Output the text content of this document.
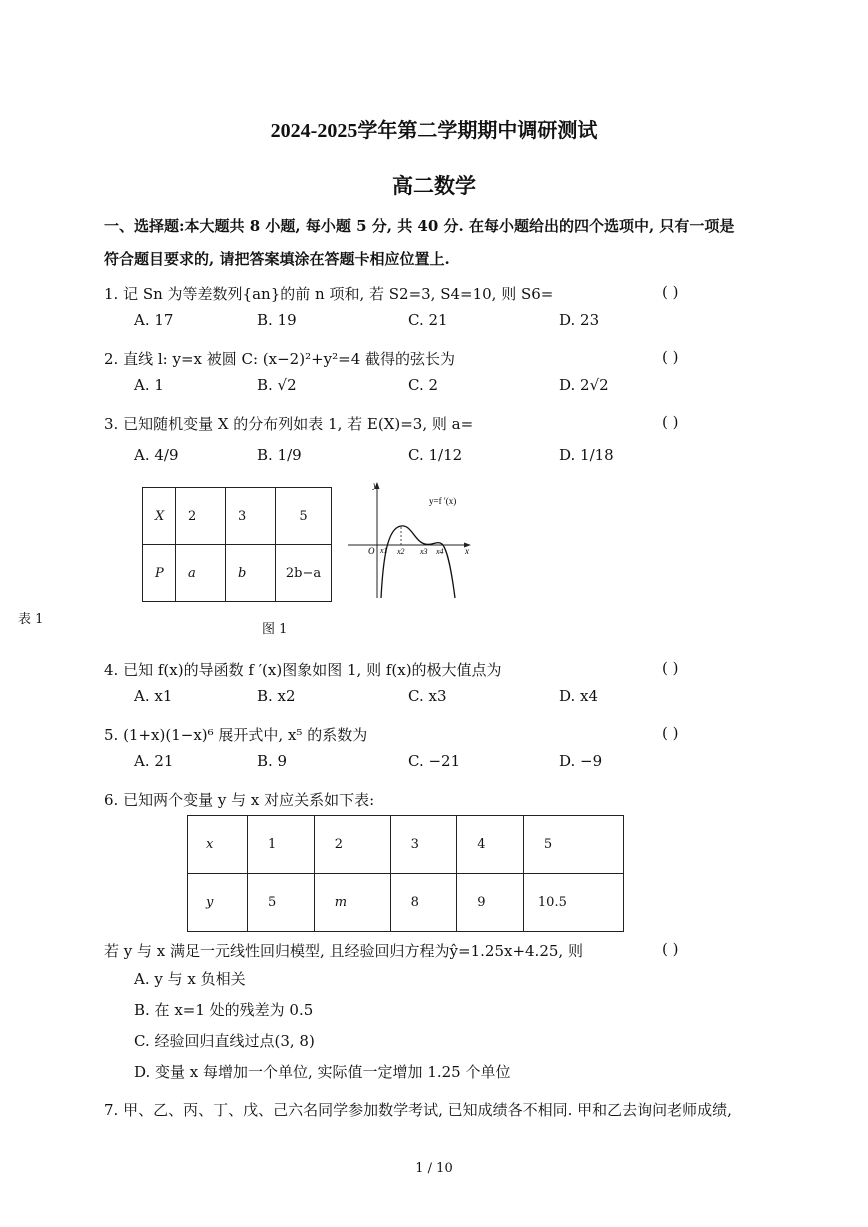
2024-2025学年第二学期期中调研测试
高二数学
一、选择题:本大题共 8 小题, 每小题 5 分, 共 40 分. 在每小题给出的四个选项中, 只有一项是
符合题目要求的, 请把答案填涂在答题卡相应位置上.
1. 记 Sn 为等差数列{an}的前 n 项和, 若 S2=3, S4=10, 则 S6=	( )
A. 17	B. 19	C. 21	D. 23
2. 直线 l: y=x 被圆 C: (x−2)²+y²=4 截得的弦长为	( )
A. 1	B. √2	C. 2	D. 2√2
3. 已知随机变量 X 的分布列如表 1, 若 E(X)=3, 则 a=	( )
A. 4/9	B. 1/9	C. 1/12	D. 1/18
X	2	3	5
P	a	b	2b−a
表 1
y
x
O x1 x2 x3 x4
y=f ′(x)
图 1
4. 已知 f(x)的导函数 f ′(x)图象如图 1, 则 f(x)的极大值点为	( )
A. x1	B. x2	C. x3	D. x4
5. (1+x)(1−x)⁶ 展开式中, x⁵ 的系数为	( )
A. 21	B. 9	C. −21	D. −9
6. 已知两个变量 y 与 x 对应关系如下表:
x	1	2	3	4	5
y	5	m	8	9	10.5
若 y 与 x 满足一元线性回归模型, 且经验回归方程为ŷ=1.25x+4.25, 则	( )
A. y 与 x 负相关
B. 在 x=1 处的残差为 0.5
C. 经验回归直线过点(3, 8)
D. 变量 x 每增加一个单位, 实际值一定增加 1.25 个单位
7. 甲、乙、丙、丁、戊、己六名同学参加数学考试, 已知成绩各不相同. 甲和乙去询问老师成绩,
1 / 10
